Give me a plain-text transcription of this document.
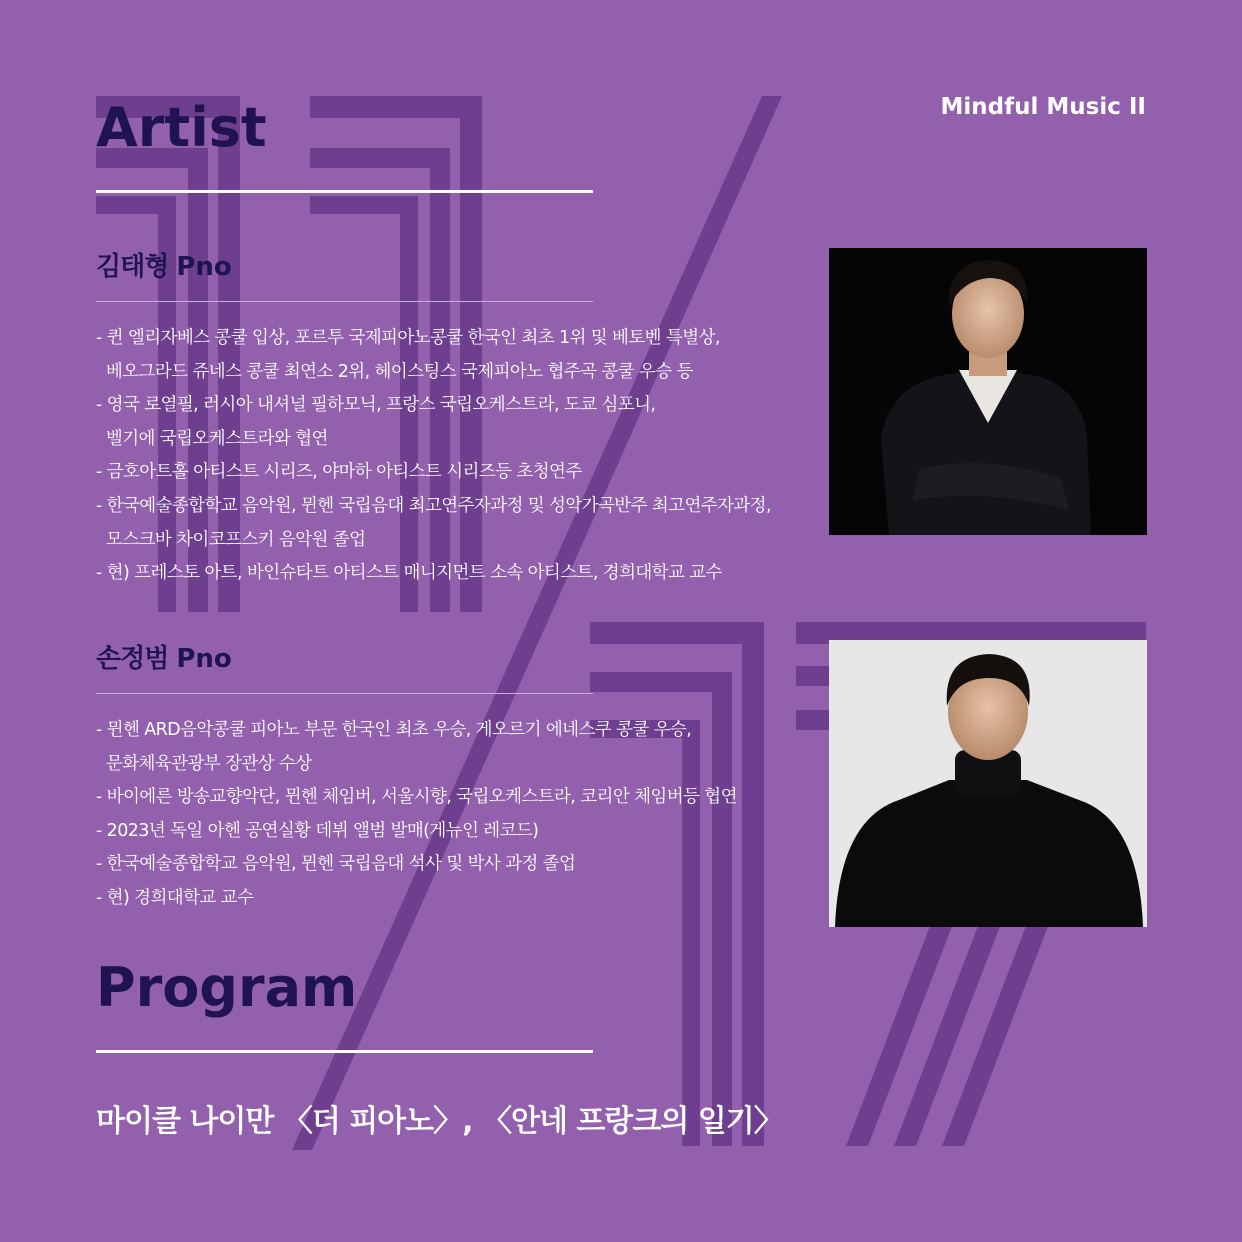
Mindful Music II
Artist
김태형 Pno
- 퀸 엘리자베스 콩쿨 입상, 포르투 국제피아노콩쿨 한국인 최초 1위 및 베토벤 특별상,
베오그라드 쥬네스 콩쿨 최연소 2위, 헤이스팅스 국제피아노 협주곡 콩쿨 우승 등
- 영국 로열필, 러시아 내셔널 필하모닉, 프랑스 국립오케스트라, 도쿄 심포니,
벨기에 국립오케스트라와 협연
- 금호아트홀 아티스트 시리즈, 야마하 아티스트 시리즈등 초청연주
- 한국예술종합학교 음악원, 뮌헨 국립음대 최고연주자과정 및 성악가곡반주 최고연주자과정,
모스크바 차이코프스키 음악원 졸업
- 현) 프레스토 아트, 바인슈타트 아티스트 매니지먼트 소속 아티스트, 경희대학교 교수
손정범 Pno
- 뮌헨 ARD음악콩쿨 피아노 부문 한국인 최초 우승, 게오르기 에네스쿠 콩쿨 우승,
문화체육관광부 장관상 수상
- 바이에른 방송교향악단, 뮌헨 체임버, 서울시향, 국립오케스트라, 코리안 체임버등 협연
- 2023년 독일 아헨 공연실황 데뷔 앨범 발매(게뉴인 레코드)
- 한국예술종합학교 음악원, 뮌헨 국립음대 석사 및 박사 과정 졸업
- 현) 경희대학교 교수
Program
마이클 나이만 〈더 피아노〉, 〈안네 프랑크의 일기〉
